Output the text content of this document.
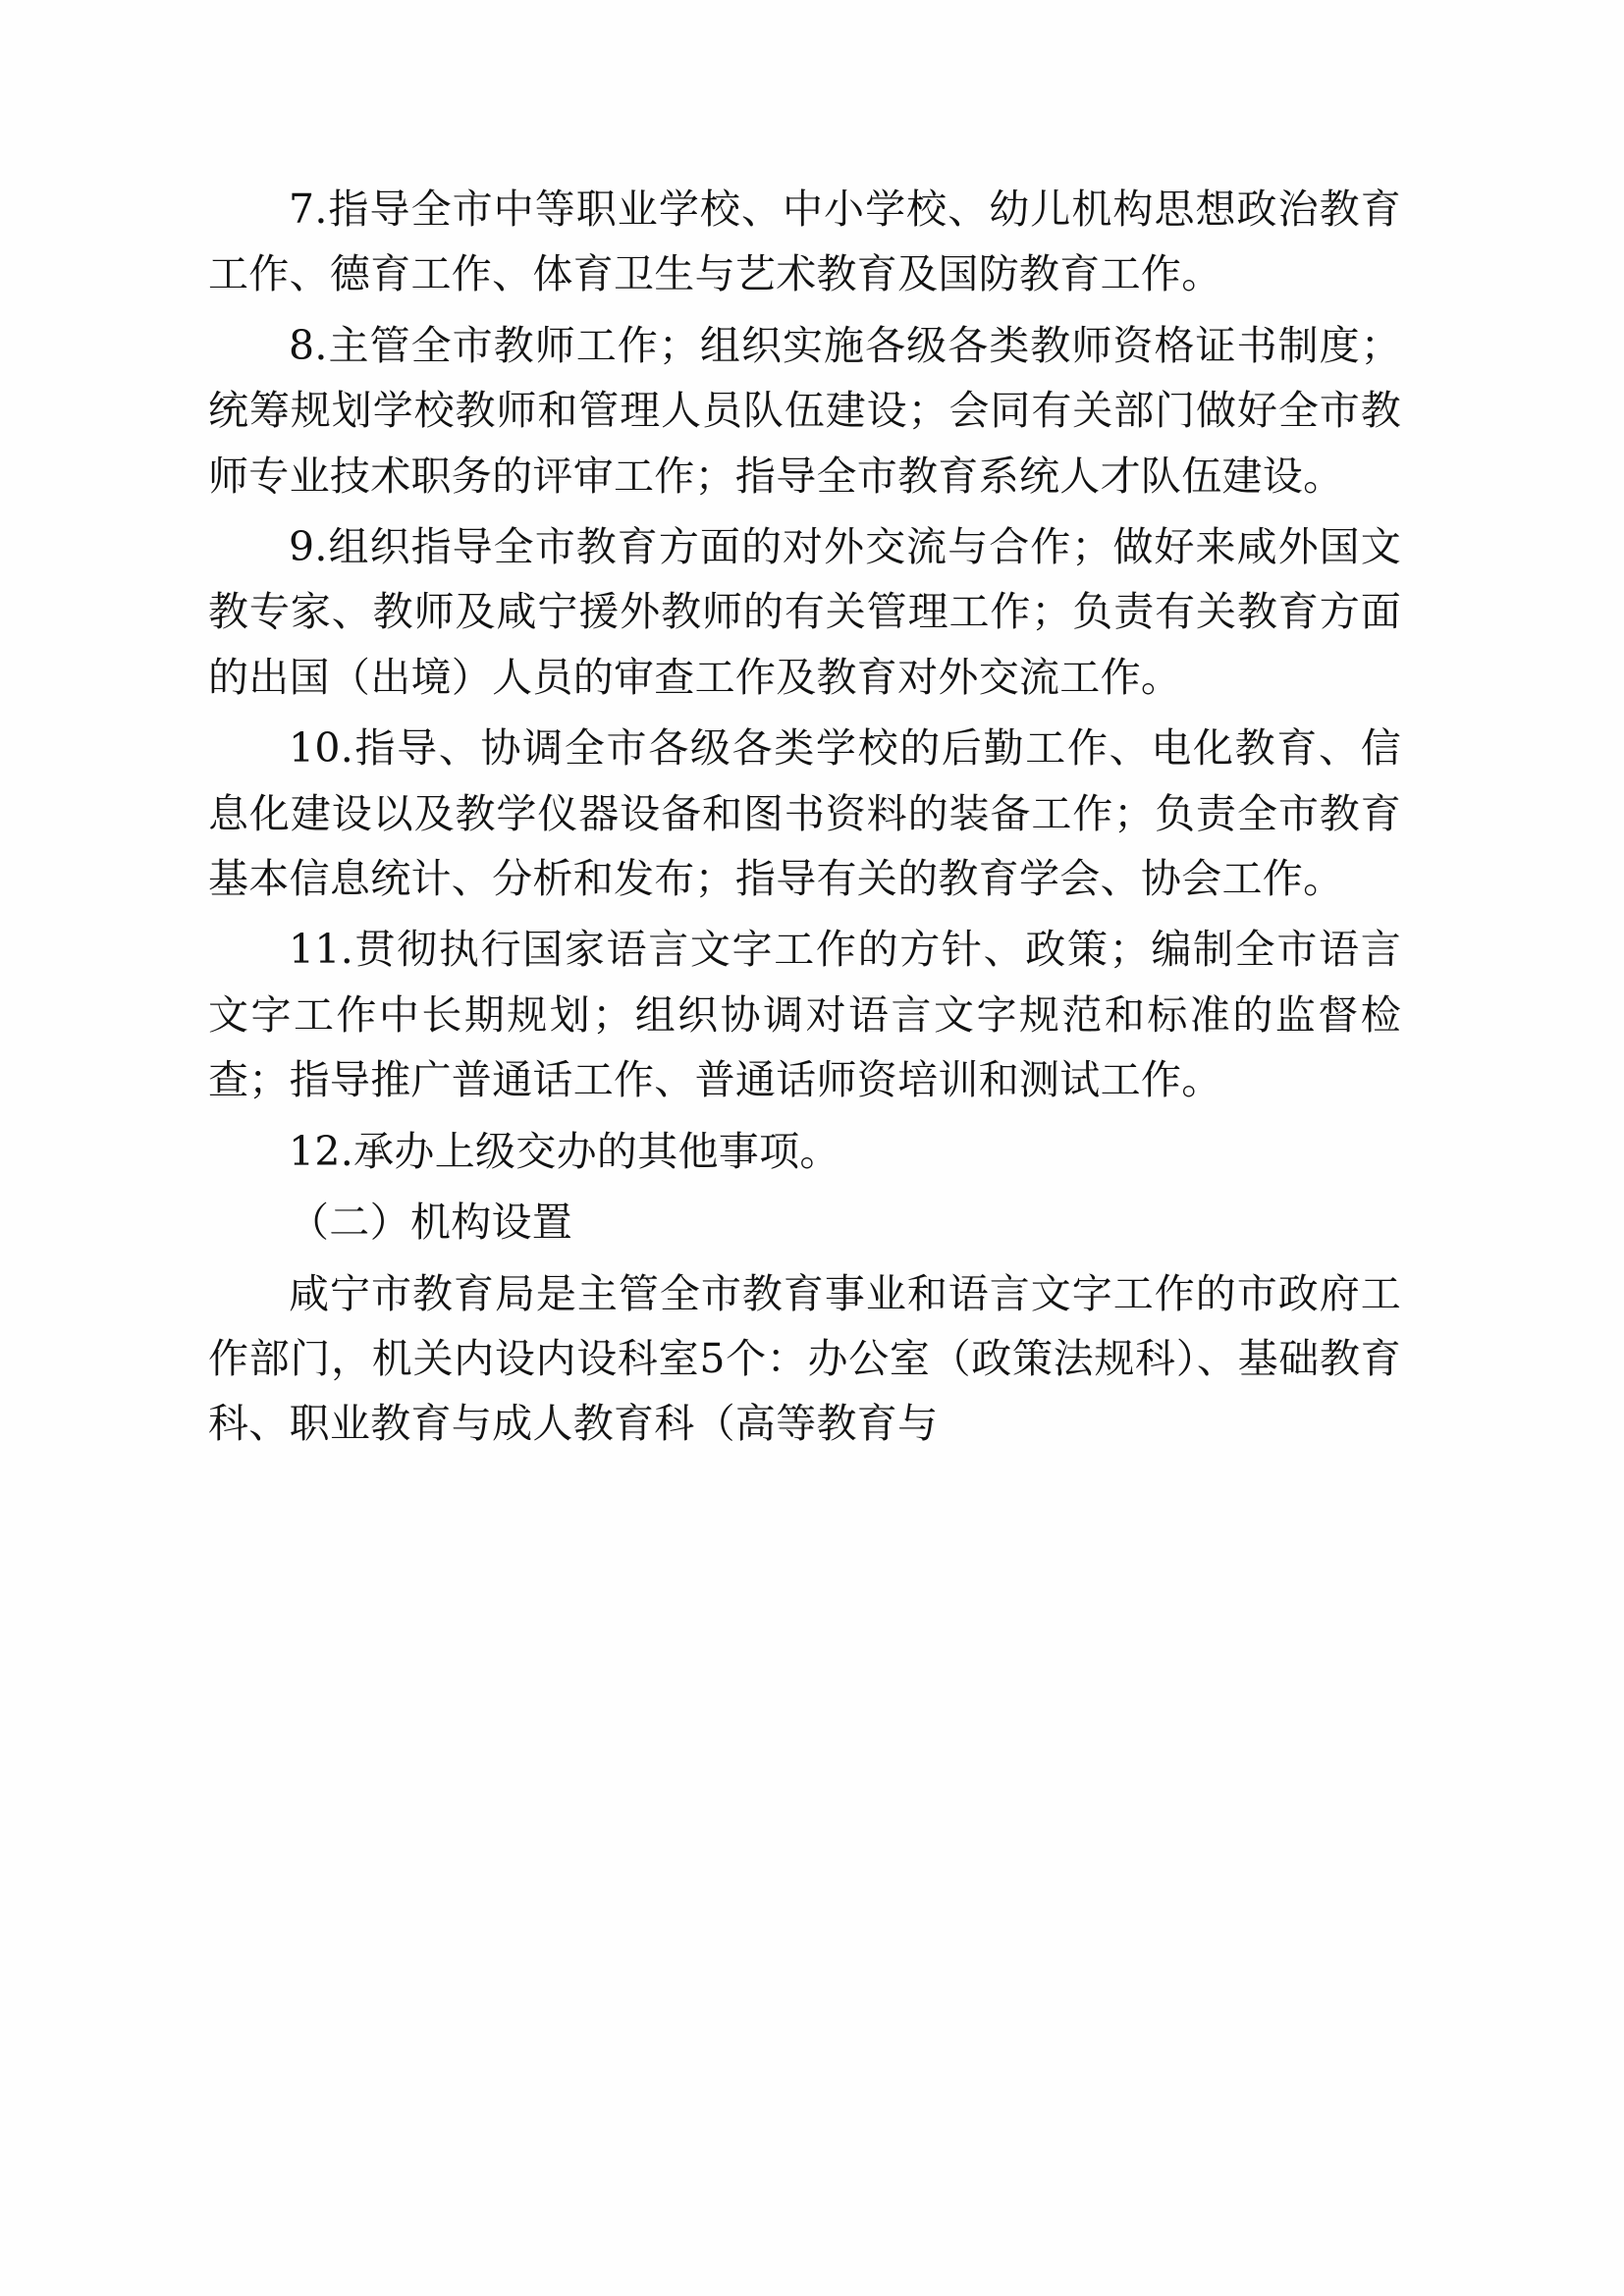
7.指导全市中等职业学校、中小学校、幼儿机构思想政治教育工作、德育工作、体育卫生与艺术教育及国防教育工作。

8.主管全市教师工作；组织实施各级各类教师资格证书制度；统筹规划学校教师和管理人员队伍建设；会同有关部门做好全市教师专业技术职务的评审工作；指导全市教育系统人才队伍建设。

9.组织指导全市教育方面的对外交流与合作；做好来咸外国文教专家、教师及咸宁援外教师的有关管理工作；负责有关教育方面的出国（出境）人员的审查工作及教育对外交流工作。

10.指导、协调全市各级各类学校的后勤工作、电化教育、信息化建设以及教学仪器设备和图书资料的装备工作；负责全市教育基本信息统计、分析和发布；指导有关的教育学会、协会工作。

11.贯彻执行国家语言文字工作的方针、政策；编制全市语言文字工作中长期规划；组织协调对语言文字规范和标准的监督检查；指导推广普通话工作、普通话师资培训和测试工作。

12.承办上级交办的其他事项。

（二）机构设置

咸宁市教育局是主管全市教育事业和语言文字工作的市政府工作部门，机关内设内设科室5个：办公室（政策法规科）、基础教育科、职业教育与成人教育科（高等教育与
